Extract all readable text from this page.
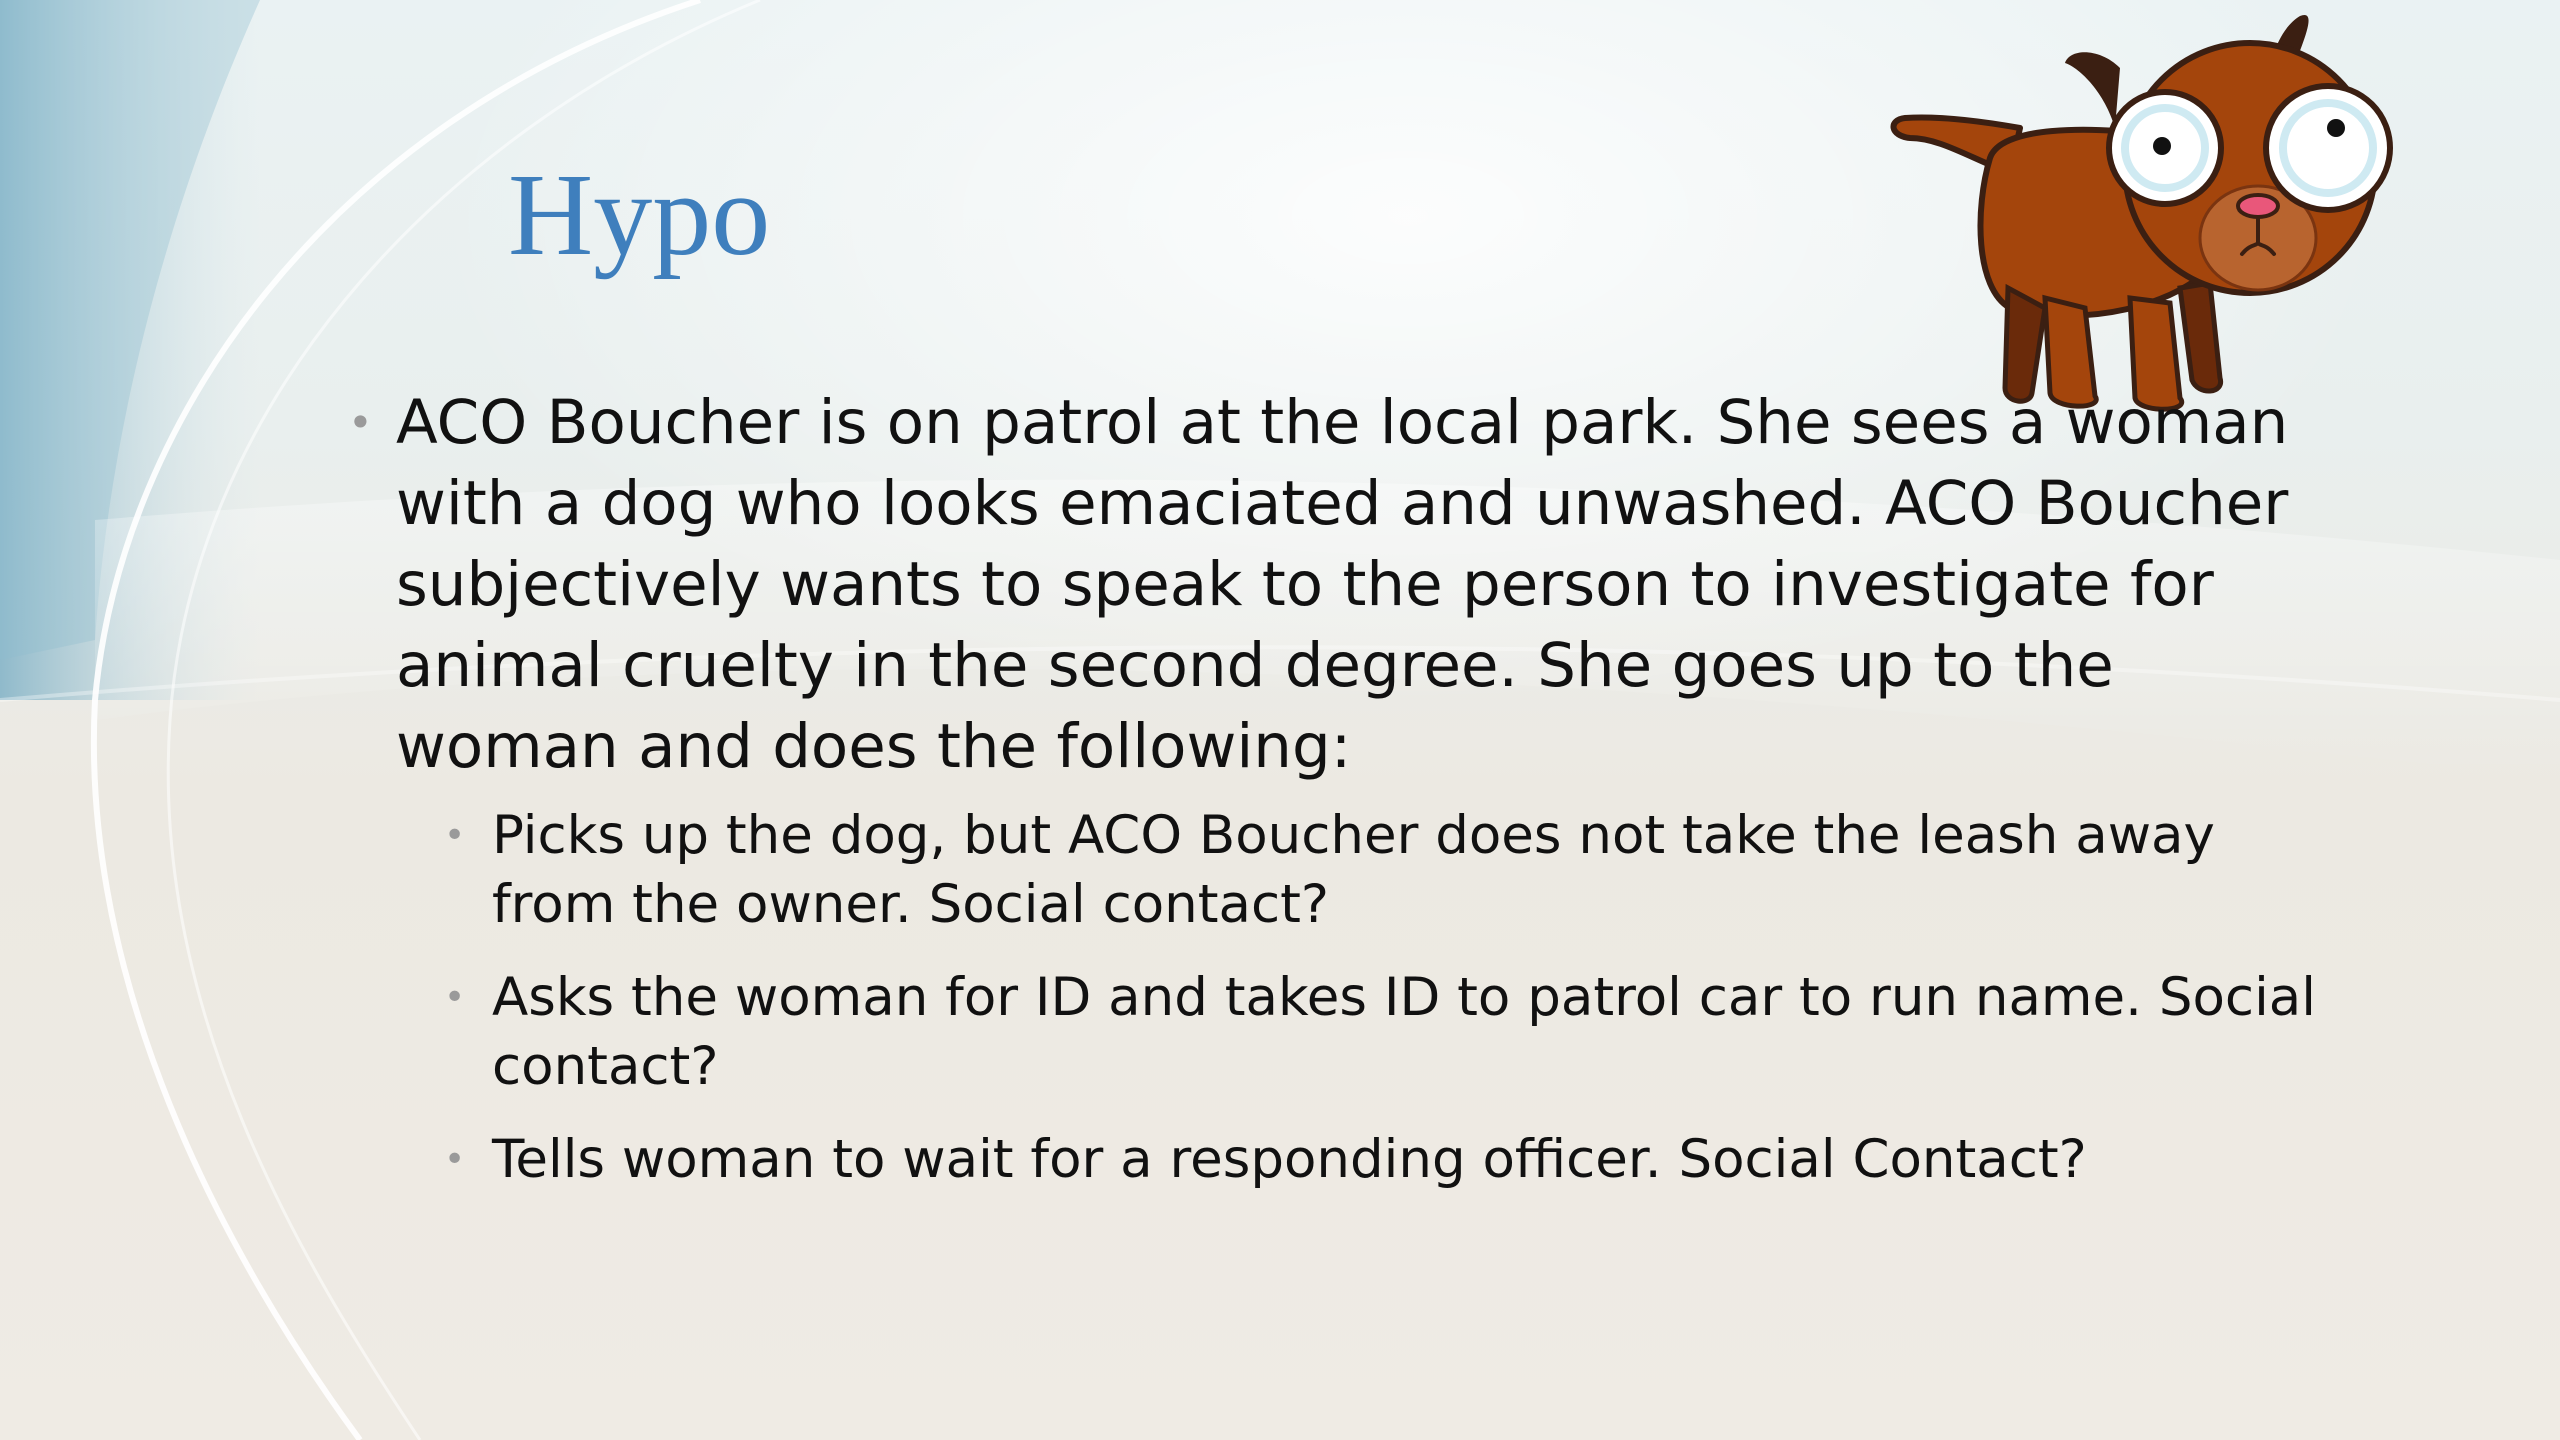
Hypo

• ACO Boucher is on patrol at the local park. She sees a woman with a dog who looks emaciated and unwashed. ACO Boucher subjectively wants to speak to the person to investigate for animal cruelty in the second degree. She goes up to the woman and does the following:

• Picks up the dog, but ACO Boucher does not take the leash away from the owner. Social contact?
• Asks the woman for ID and takes ID to patrol car to run name. Social contact?
• Tells woman to wait for a responding officer. Social Contact?
